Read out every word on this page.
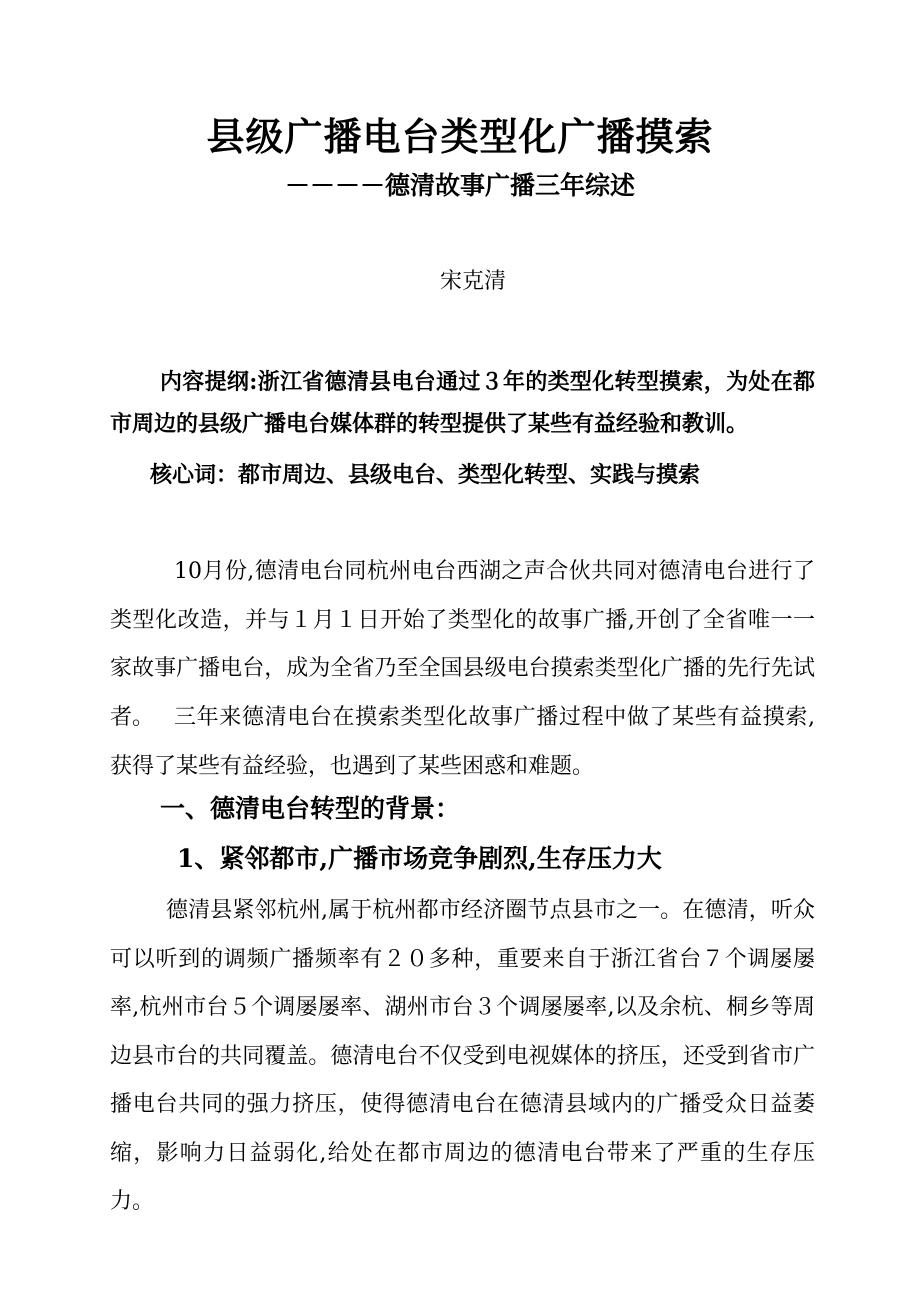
县级广播电台类型化广播摸索
－－－－德清故事广播三年综述
宋克清
内容提纲:浙江省德清县电台通过３年的类型化转型摸索，为处在都市周边的县级广播电台媒体群的转型提供了某些有益经验和教训。
核心词：都市周边、县级电台、类型化转型、实践与摸索
10月份,德清电台同杭州电台西湖之声合伙共同对德清电台进行了类型化改造，并与１月１日开始了类型化的故事广播,开创了全省唯一一家故事广播电台，成为全省乃至全国县级电台摸索类型化广播的先行先试者。 三年来德清电台在摸索类型化故事广播过程中做了某些有益摸索,获得了某些有益经验，也遇到了某些困惑和难题。
一、德清电台转型的背景：
1、紧邻都市,广播市场竞争剧烈,生存压力大
德清县紧邻杭州,属于杭州都市经济圈节点县市之一。在德清，听众可以听到的调频广播频率有２０多种，重要来自于浙江省台７个调屡屡率,杭州市台５个调屡屡率、湖州市台３个调屡屡率,以及余杭、桐乡等周边县市台的共同覆盖。德清电台不仅受到电视媒体的挤压，还受到省市广播电台共同的强力挤压，使得德清电台在德清县域内的广播受众日益萎缩，影响力日益弱化,给处在都市周边的德清电台带来了严重的生存压力。
